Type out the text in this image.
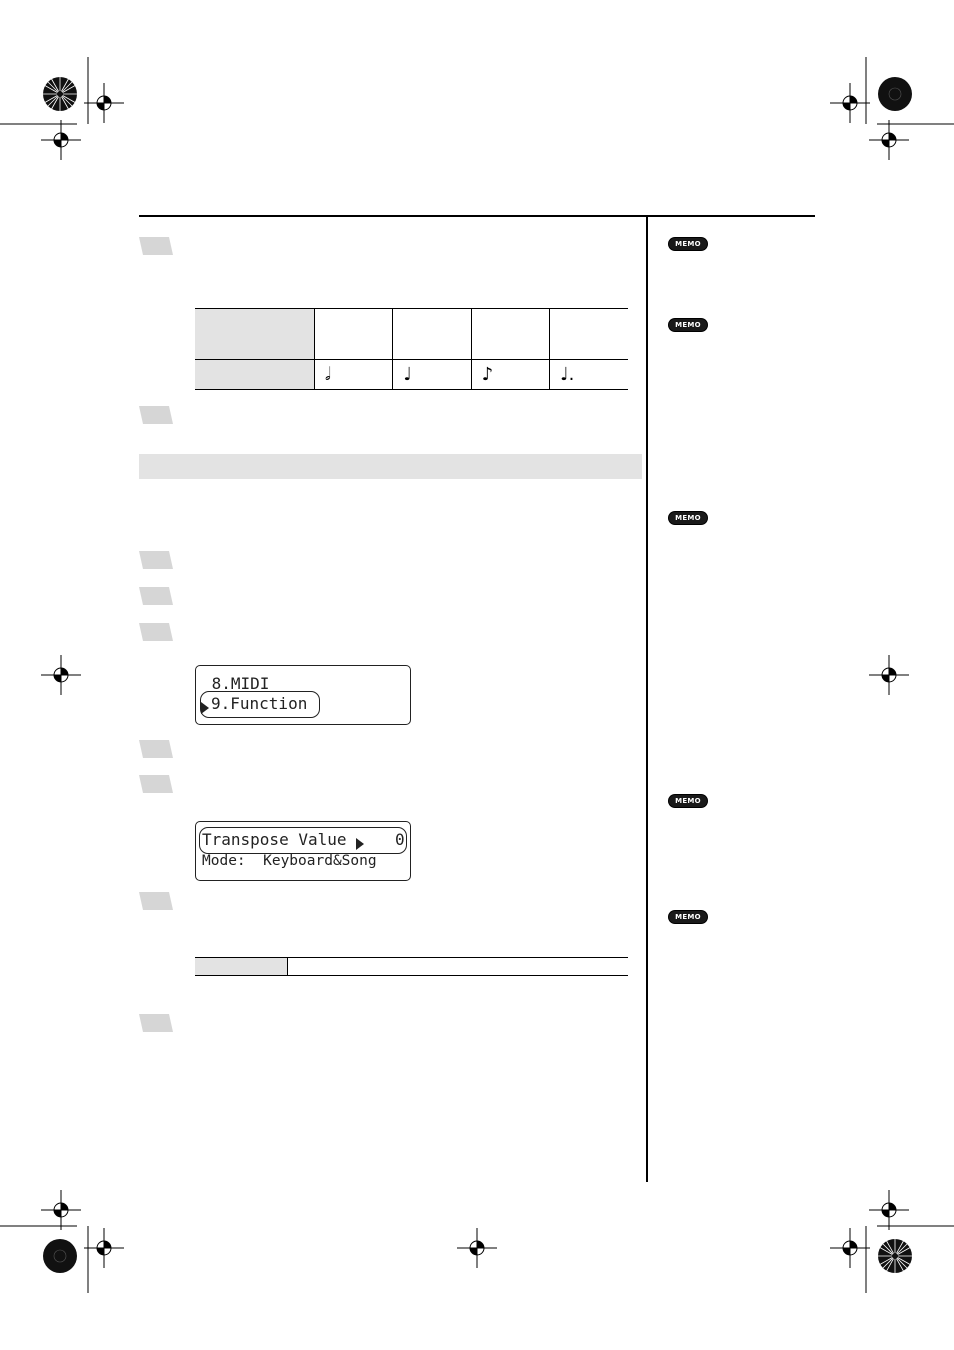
	𝅗𝅥	♩	♪	♩.
8.MIDI
9.Function
Transpose Value	0
Mode:  Keyboard&Song

MEMO
MEMO
MEMO
MEMO
MEMO
